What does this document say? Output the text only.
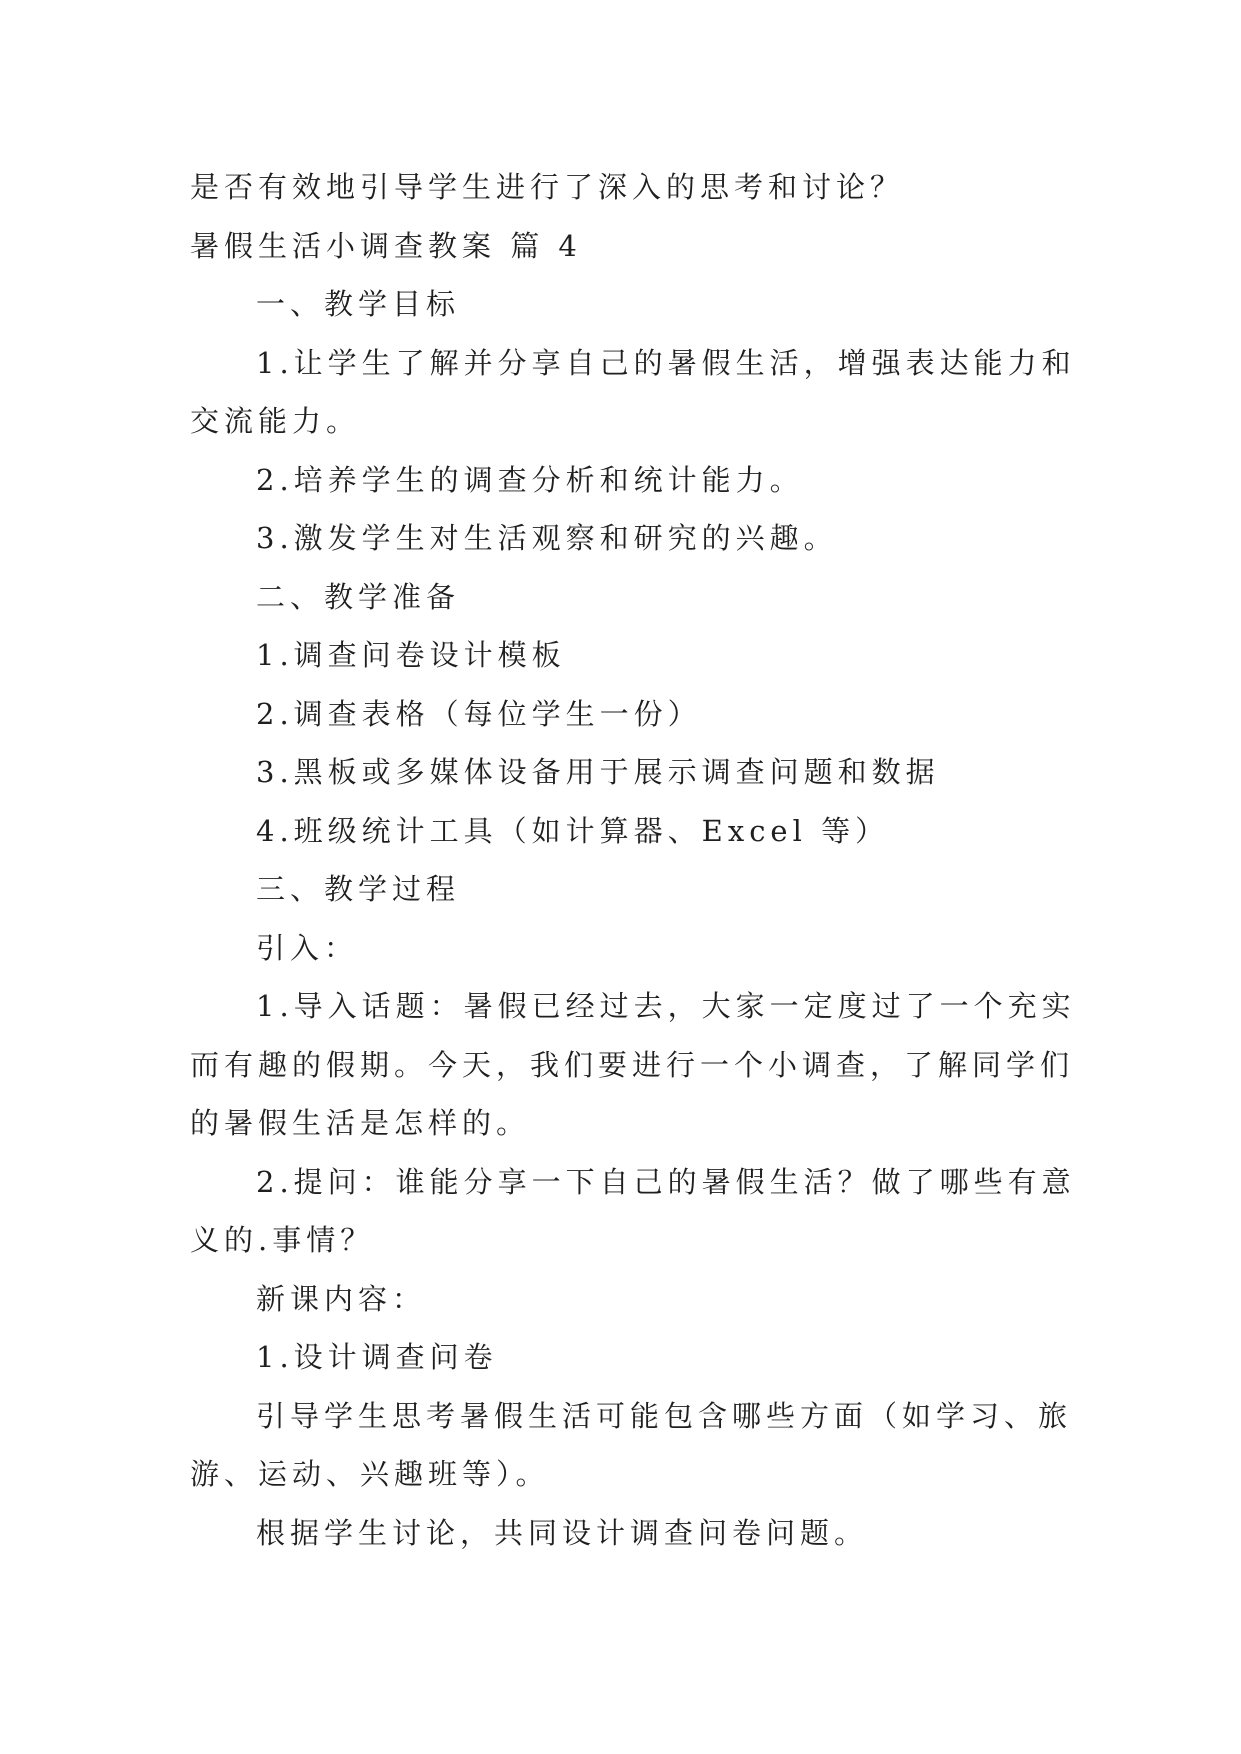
是否有效地引导学生进行了深入的思考和讨论？
暑假生活小调查教案 篇 4
一、教学目标
1.让学生了解并分享自己的暑假生活，增强表达能力和
交流能力。
2.培养学生的调查分析和统计能力。
3.激发学生对生活观察和研究的兴趣。
二、教学准备
1.调查问卷设计模板
2.调查表格（每位学生一份）
3.黑板或多媒体设备用于展示调查问题和数据
4.班级统计工具（如计算器、Excel 等）
三、教学过程
引入：
1.导入话题：暑假已经过去，大家一定度过了一个充实
而有趣的假期。今天，我们要进行一个小调查，了解同学们
的暑假生活是怎样的。
2.提问：谁能分享一下自己的暑假生活？做了哪些有意
义的.事情？
新课内容：
1.设计调查问卷
引导学生思考暑假生活可能包含哪些方面（如学习、旅
游、运动、兴趣班等）。
根据学生讨论，共同设计调查问卷问题。
